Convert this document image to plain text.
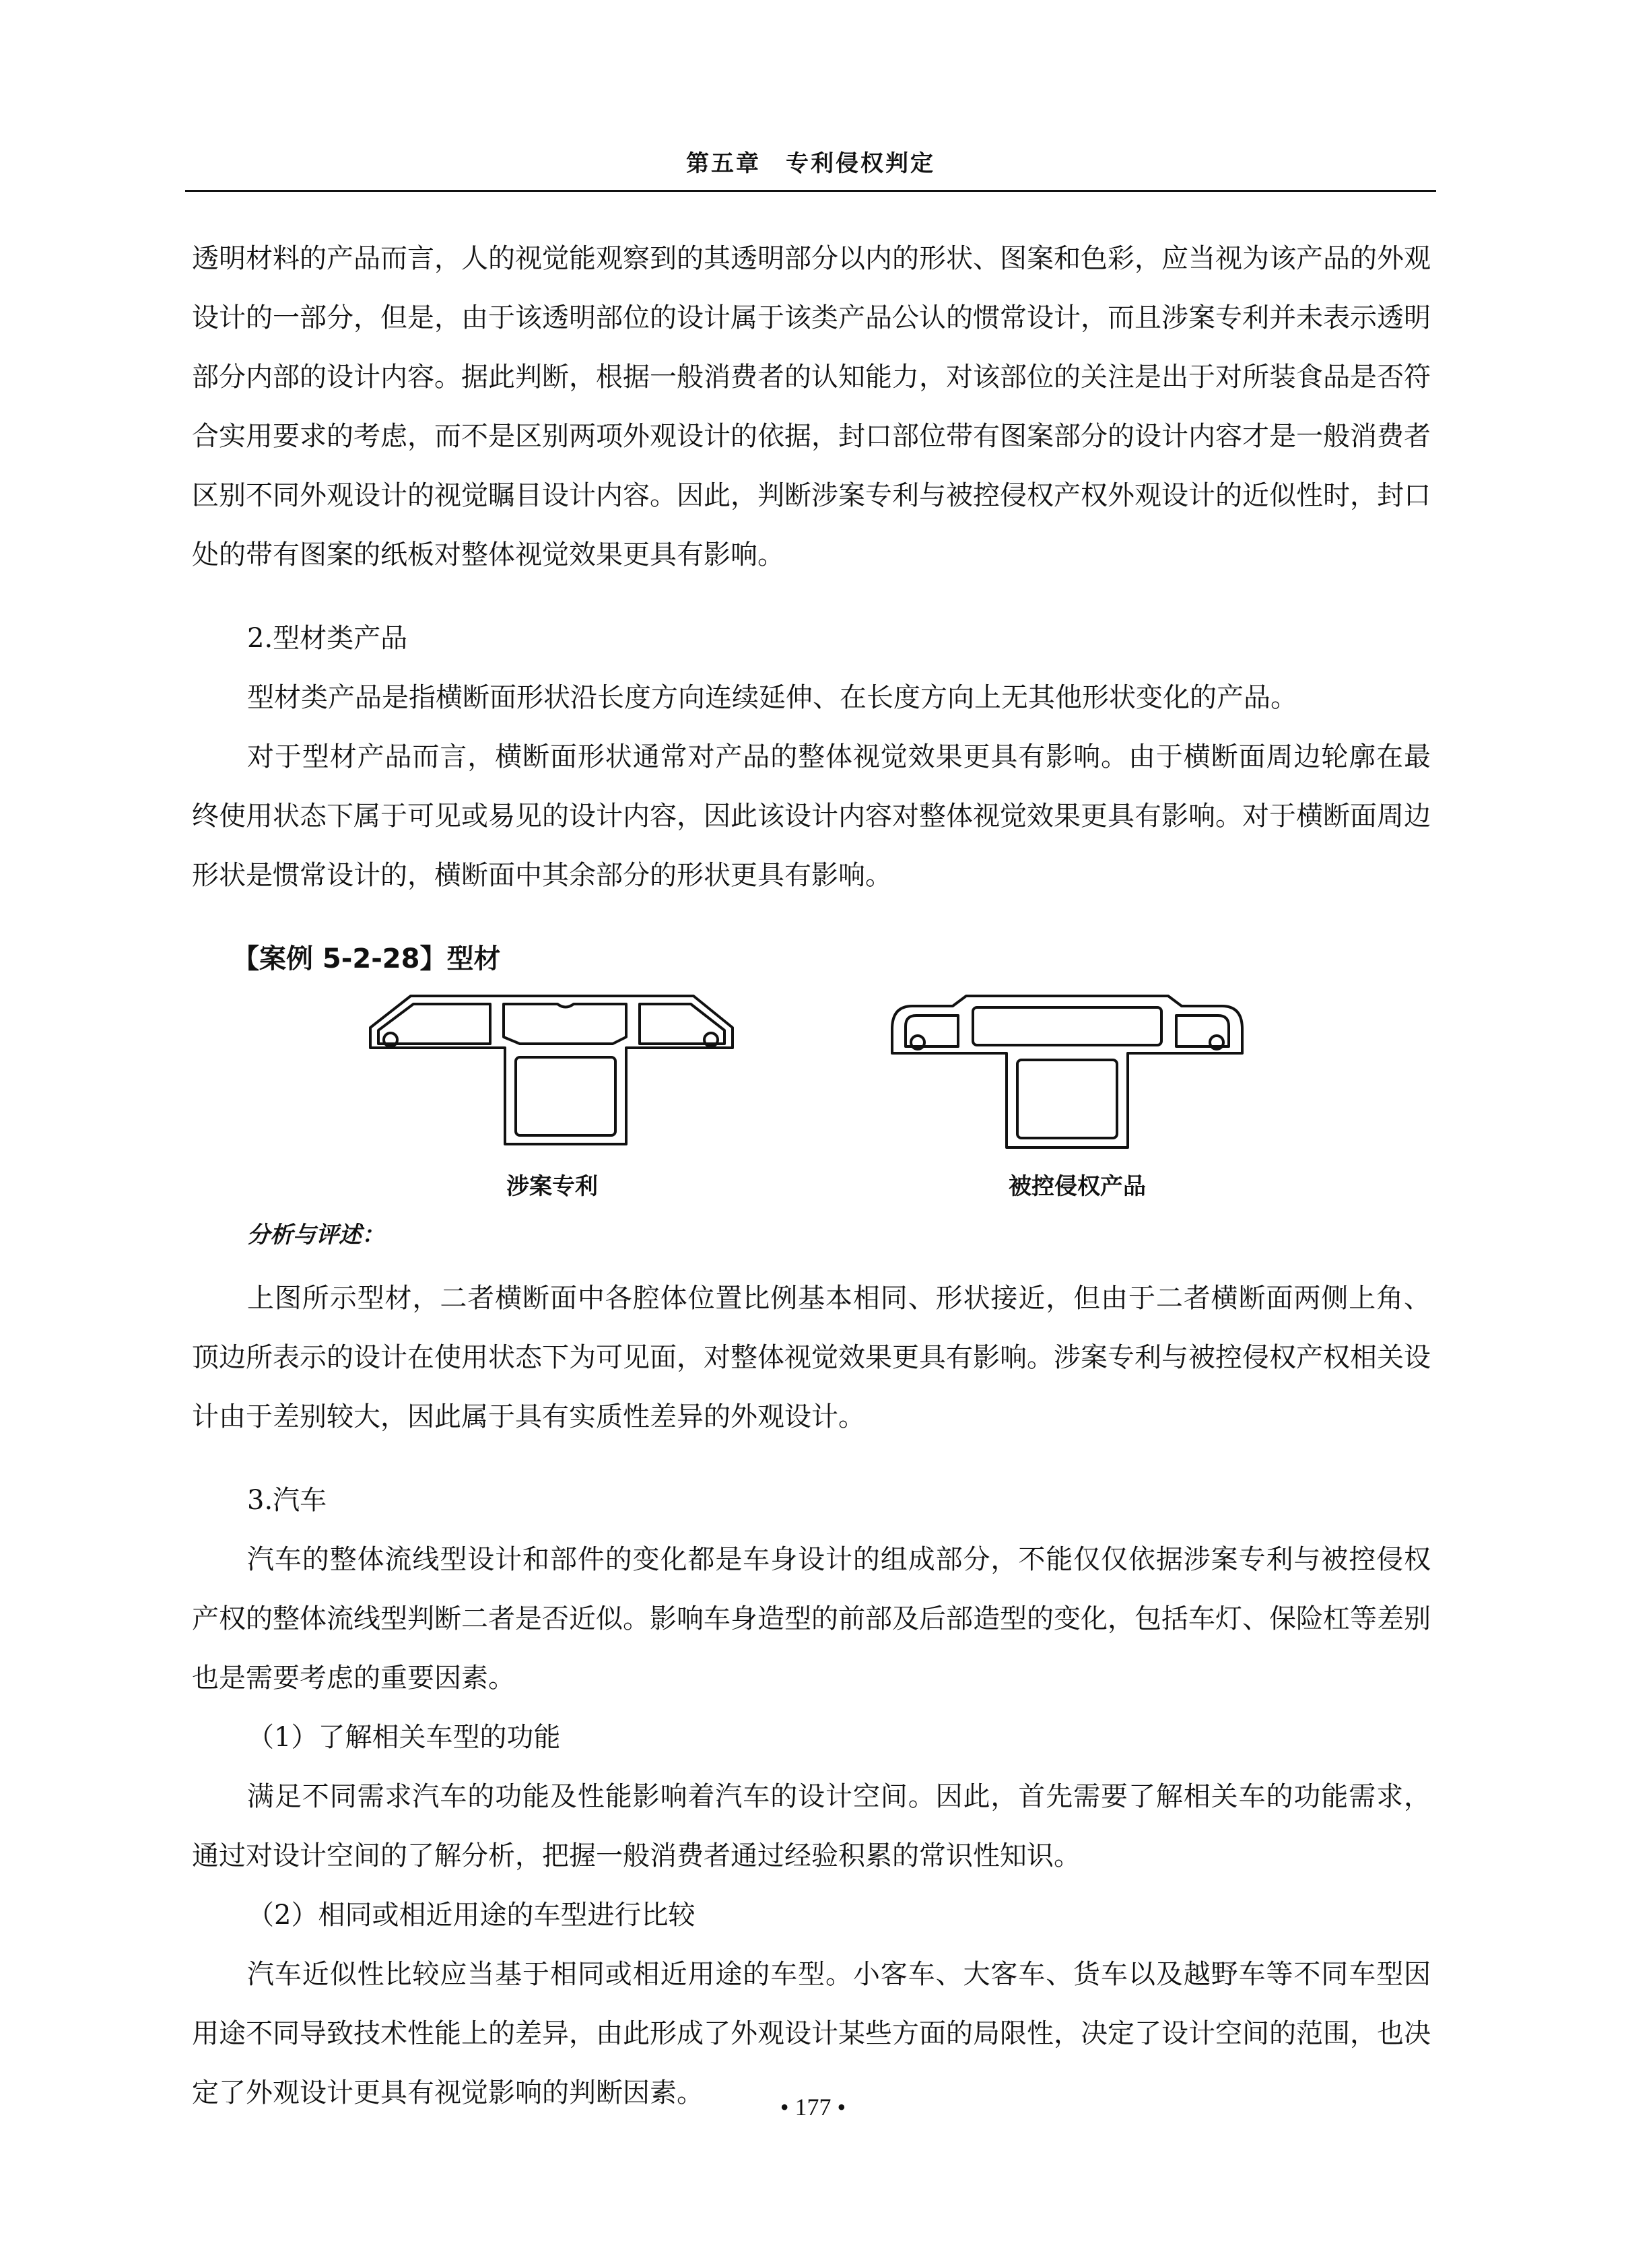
第五章　专利侵权判定

透明材料的产品而言，人的视觉能观察到的其透明部分以内的形状、图案和色彩，应当视为该产品的外观设计的一部分，但是，由于该透明部位的设计属于该类产品公认的惯常设计，而且涉案专利并未表示透明部分内部的设计内容。据此判断，根据一般消费者的认知能力，对该部位的关注是出于对所装食品是否符合实用要求的考虑，而不是区别两项外观设计的依据，封口部位带有图案部分的设计内容才是一般消费者区别不同外观设计的视觉瞩目设计内容。因此，判断涉案专利与被控侵权产权外观设计的近似性时，封口处的带有图案的纸板对整体视觉效果更具有影响。

2.型材类产品

型材类产品是指横断面形状沿长度方向连续延伸、在长度方向上无其他形状变化的产品。

对于型材产品而言，横断面形状通常对产品的整体视觉效果更具有影响。由于横断面周边轮廓在最终使用状态下属于可见或易见的设计内容，因此该设计内容对整体视觉效果更具有影响。对于横断面周边形状是惯常设计的，横断面中其余部分的形状更具有影响。

【案例 5-2-28】型材
涉案专利	被控侵权产品
分析与评述：

上图所示型材，二者横断面中各腔体位置比例基本相同、形状接近，但由于二者横断面两侧上角、顶边所表示的设计在使用状态下为可见面，对整体视觉效果更具有影响。涉案专利与被控侵权产权相关设计由于差别较大，因此属于具有实质性差异的外观设计。

3.汽车

汽车的整体流线型设计和部件的变化都是车身设计的组成部分，不能仅仅依据涉案专利与被控侵权产权的整体流线型判断二者是否近似。影响车身造型的前部及后部造型的变化，包括车灯、保险杠等差别也是需要考虑的重要因素。

（1）了解相关车型的功能

满足不同需求汽车的功能及性能影响着汽车的设计空间。因此，首先需要了解相关车的功能需求，通过对设计空间的了解分析，把握一般消费者通过经验积累的常识性知识。

（2）相同或相近用途的车型进行比较

汽车近似性比较应当基于相同或相近用途的车型。小客车、大客车、货车以及越野车等不同车型因用途不同导致技术性能上的差异，由此形成了外观设计某些方面的局限性，决定了设计空间的范围，也决定了外观设计更具有视觉影响的判断因素。	• 177 •
